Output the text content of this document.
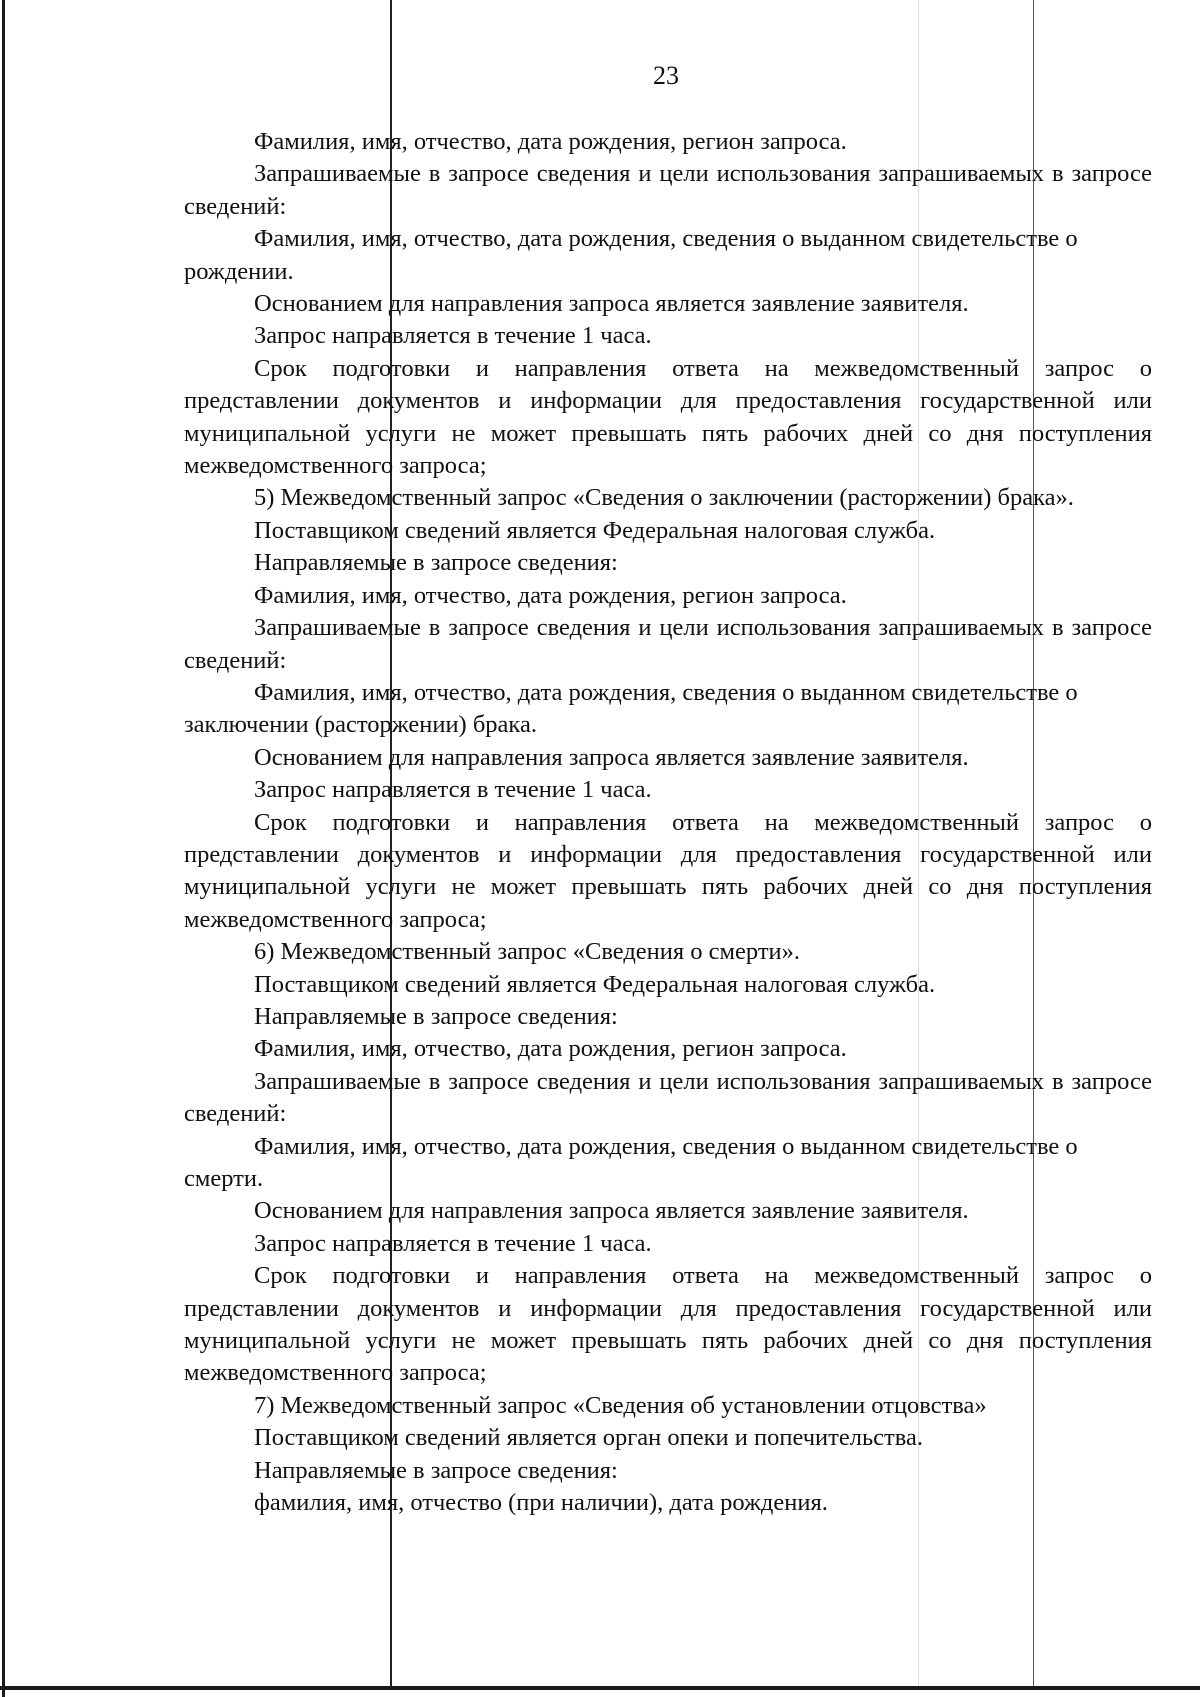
23

Фамилия, имя, отчество, дата рождения, регион запроса.

Запрашиваемые в запросе сведения и цели использования запрашиваемых в запросе сведений:

Фамилия, имя, отчество, дата рождения, сведения о выданном свидетельстве о рождении.

Основанием для направления запроса является заявление заявителя.

Запрос направляется в течение 1 часа.

Срок подготовки и направления ответа на межведомственный запрос о представлении документов и информации для предоставления государственной или муниципальной услуги не может превышать пять рабочих дней со дня поступления межведомственного запроса;

5) Межведомственный запрос «Сведения о заключении (расторжении) брака».

Поставщиком сведений является Федеральная налоговая служба.

Направляемые в запросе сведения:

Фамилия, имя, отчество, дата рождения, регион запроса.

Запрашиваемые в запросе сведения и цели использования запрашиваемых в запросе сведений:

Фамилия, имя, отчество, дата рождения, сведения о выданном свидетельстве о заключении (расторжении) брака.

Основанием для направления запроса является заявление заявителя.

Запрос направляется в течение 1 часа.

Срок подготовки и направления ответа на межведомственный запрос о представлении документов и информации для предоставления государственной или муниципальной услуги не может превышать пять рабочих дней со дня поступления межведомственного запроса;

6) Межведомственный запрос «Сведения о смерти».

Поставщиком сведений является Федеральная налоговая служба.

Направляемые в запросе сведения:

Фамилия, имя, отчество, дата рождения, регион запроса.

Запрашиваемые в запросе сведения и цели использования запрашиваемых в запросе сведений:

Фамилия, имя, отчество, дата рождения, сведения о выданном свидетельстве о смерти.

Основанием для направления запроса является заявление заявителя.

Запрос направляется в течение 1 часа.

Срок подготовки и направления ответа на межведомственный запрос о представлении документов и информации для предоставления государственной или муниципальной услуги не может превышать пять рабочих дней со дня поступления межведомственного запроса;

7) Межведомственный запрос «Сведения об установлении отцовства»

Поставщиком сведений является орган опеки и попечительства.

Направляемые в запросе сведения:

фамилия, имя, отчество (при наличии), дата рождения.
